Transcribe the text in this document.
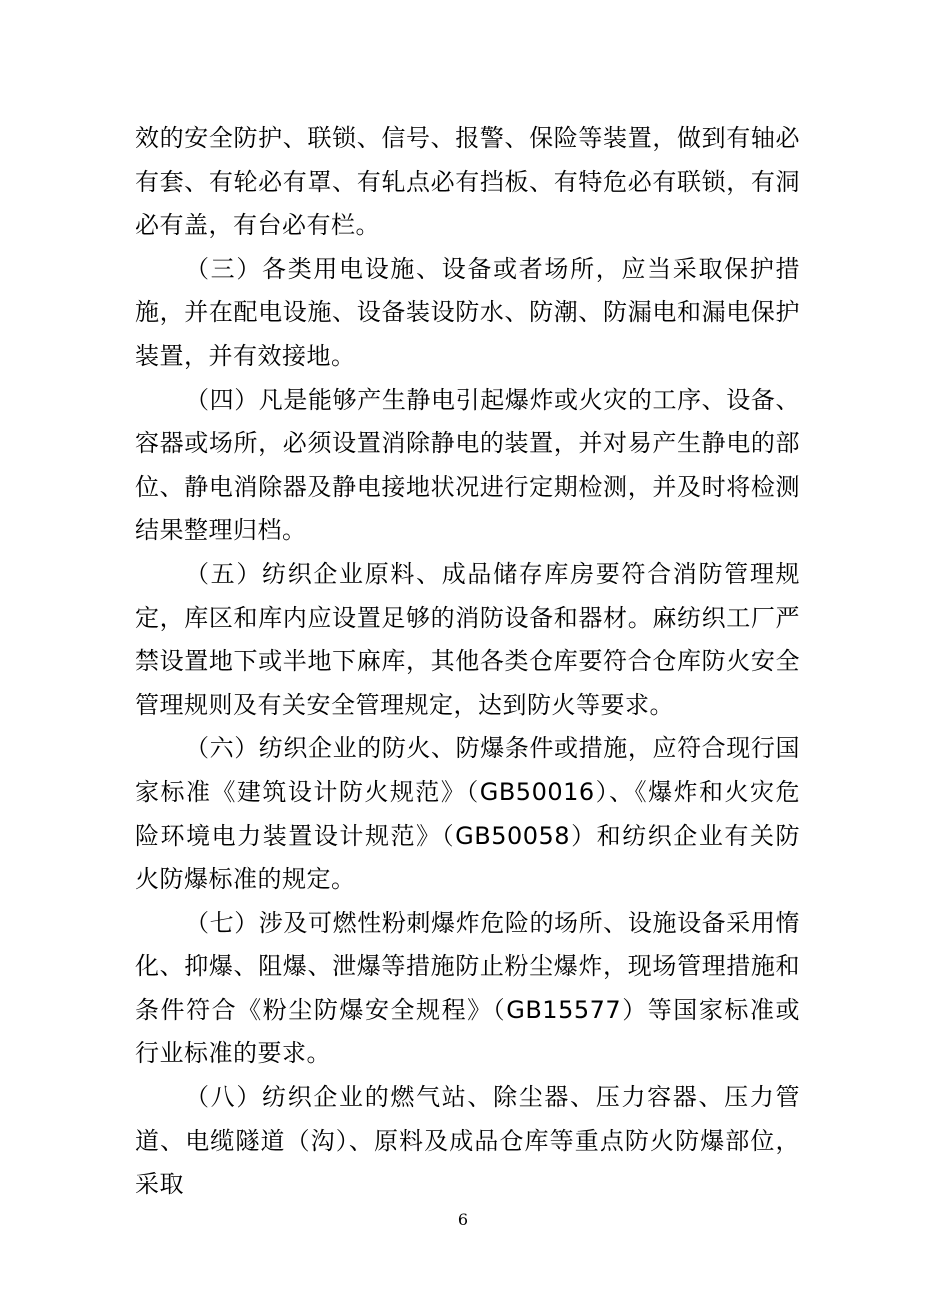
效的安全防护、联锁、信号、报警、保险等装置，做到有轴必有套、有轮必有罩、有轧点必有挡板、有特危必有联锁，有洞必有盖，有台必有栏。

（三）各类用电设施、设备或者场所，应当采取保护措施，并在配电设施、设备装设防水、防潮、防漏电和漏电保护装置，并有效接地。

（四）凡是能够产生静电引起爆炸或火灾的工序、设备、容器或场所，必须设置消除静电的装置，并对易产生静电的部位、静电消除器及静电接地状况进行定期检测，并及时将检测结果整理归档。

（五）纺织企业原料、成品储存库房要符合消防管理规定，库区和库内应设置足够的消防设备和器材。麻纺织工厂严禁设置地下或半地下麻库，其他各类仓库要符合仓库防火安全管理规则及有关安全管理规定，达到防火等要求。

（六）纺织企业的防火、防爆条件或措施，应符合现行国家标准《建筑设计防火规范》（GB50016）、《爆炸和火灾危险环境电力装置设计规范》（GB50058）和纺织企业有关防火防爆标准的规定。

（七）涉及可燃性粉刺爆炸危险的场所、设施设备采用惰化、抑爆、阻爆、泄爆等措施防止粉尘爆炸，现场管理措施和条件符合《粉尘防爆安全规程》（GB15577）等国家标准或行业标准的要求。

（八）纺织企业的燃气站、除尘器、压力容器、压力管道、电缆隧道（沟）、原料及成品仓库等重点防火防爆部位，采取

6
